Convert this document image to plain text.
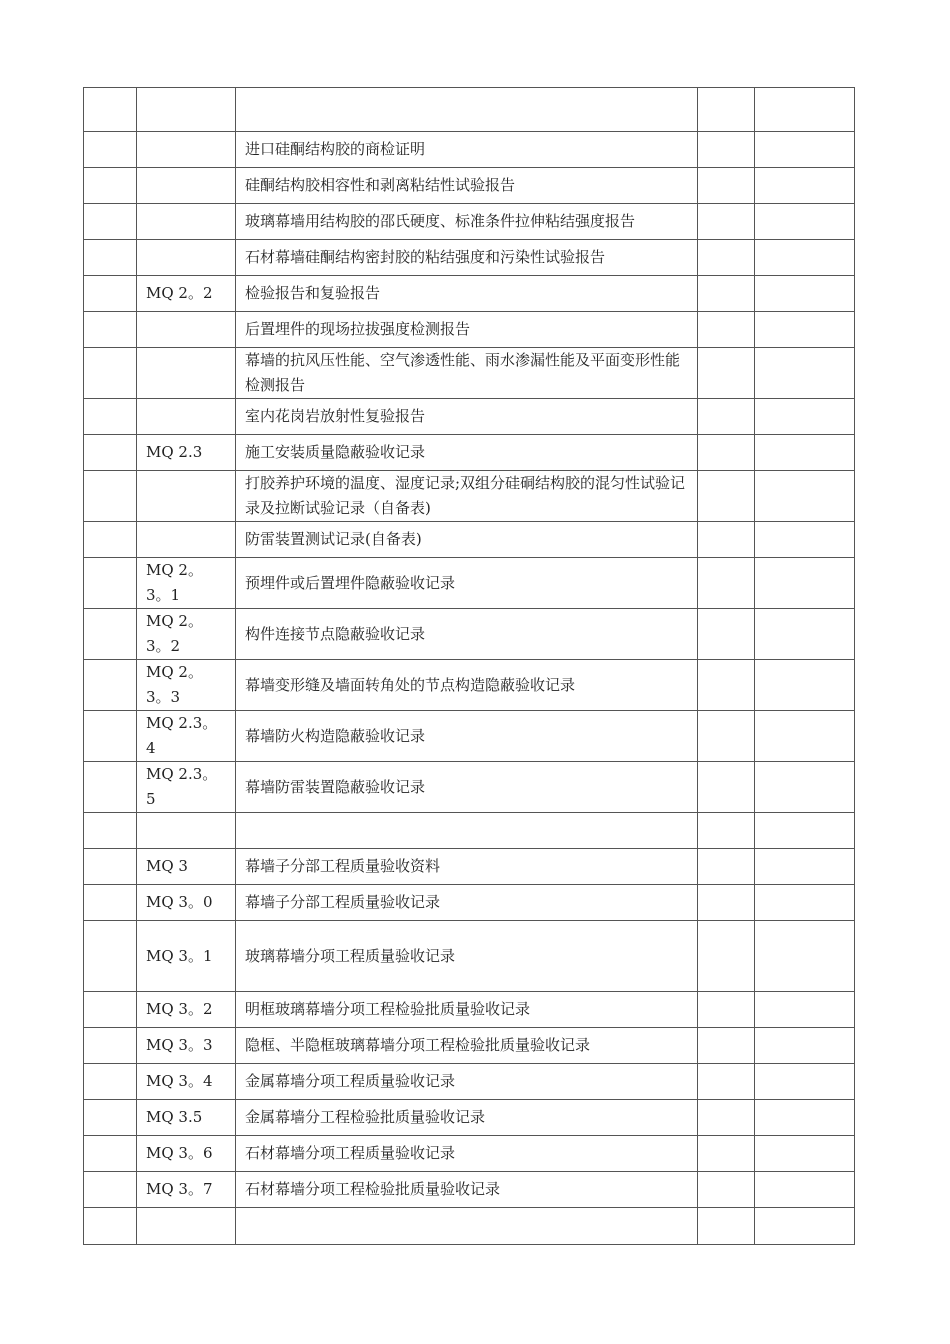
		进口硅酮结构胶的商检证明		
		硅酮结构胶相容性和剥离粘结性试验报告		
		玻璃幕墙用结构胶的邵氏硬度、标准条件拉伸粘结强度报告		
		石材幕墙硅酮结构密封胶的粘结强度和污染性试验报告		
	MQ 2。2	检验报告和复验报告		
		后置埋件的现场拉拔强度检测报告		
		幕墙的抗风压性能、空气渗透性能、雨水渗漏性能及平面变形性能检测报告		
		室内花岗岩放射性复验报告		
	MQ 2.3	施工安装质量隐蔽验收记录		
		打胶养护环境的温度、湿度记录;双组分硅硐结构胶的混匀性试验记录及拉断试验记录（自备表)		
		防雷装置测试记录(自备表)		
	MQ 2。3。1	预埋件或后置埋件隐蔽验收记录		
	MQ 2。3。2	构件连接节点隐蔽验收记录		
	MQ 2。3。3	幕墙变形缝及墙面转角处的节点构造隐蔽验收记录		
	MQ 2.3。4	幕墙防火构造隐蔽验收记录		
	MQ 2.3。5	幕墙防雷装置隐蔽验收记录		

	MQ 3	幕墙子分部工程质量验收资料		
	MQ 3。0	幕墙子分部工程质量验收记录		
	MQ 3。1	玻璃幕墙分项工程质量验收记录		
	MQ 3。2	明框玻璃幕墙分项工程检验批质量验收记录		
	MQ 3。3	隐框、半隐框玻璃幕墙分项工程检验批质量验收记录		
	MQ 3。4	金属幕墙分项工程质量验收记录		
	MQ 3.5	金属幕墙分工程检验批质量验收记录		
	MQ 3。6	石材幕墙分项工程质量验收记录		
	MQ 3。7	石材幕墙分项工程检验批质量验收记录		
